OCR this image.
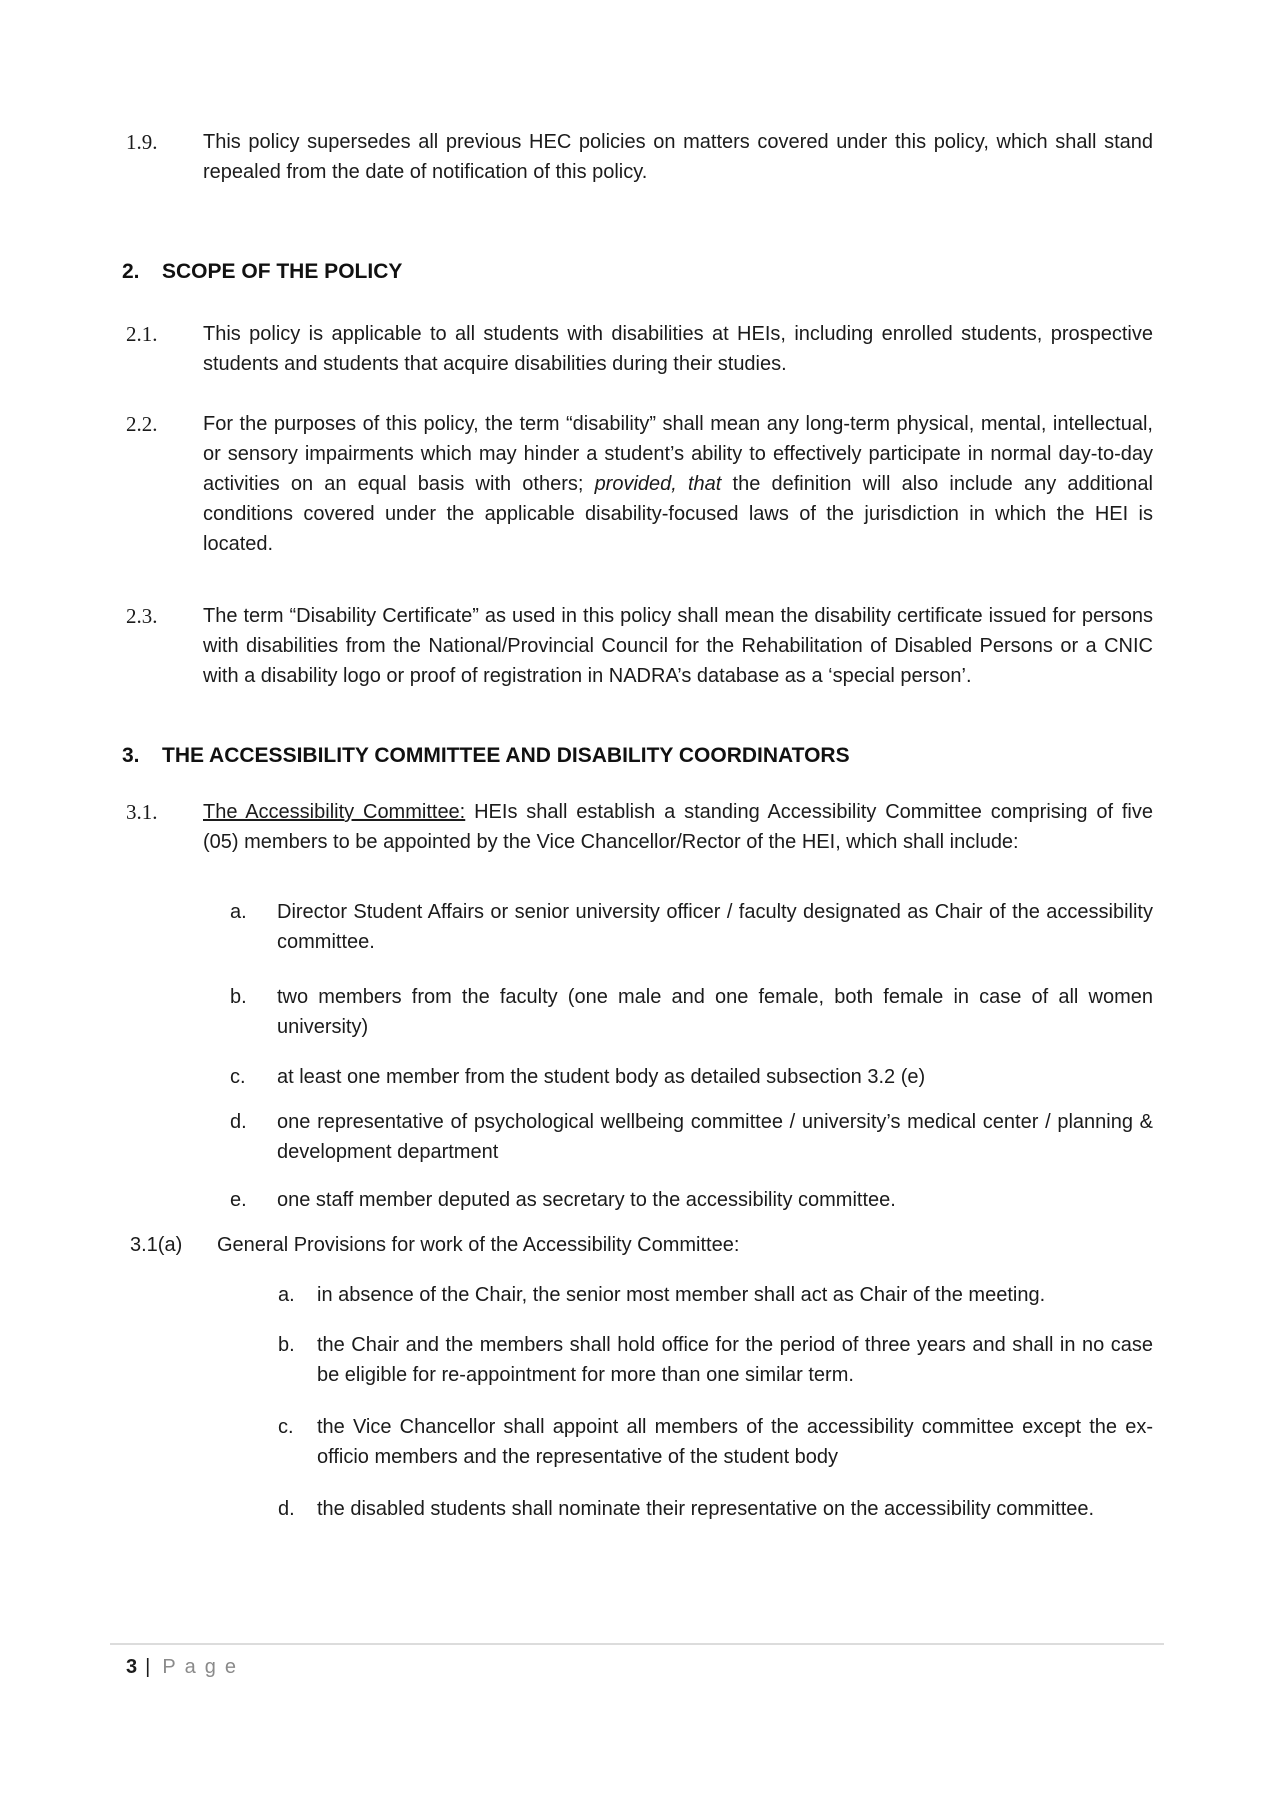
1.9. This policy supersedes all previous HEC policies on matters covered under this policy, which shall stand repealed from the date of notification of this policy.
2. SCOPE OF THE POLICY
2.1. This policy is applicable to all students with disabilities at HEIs, including enrolled students, prospective students and students that acquire disabilities during their studies.
2.2. For the purposes of this policy, the term “disability” shall mean any long-term physical, mental, intellectual, or sensory impairments which may hinder a student’s ability to effectively participate in normal day-to-day activities on an equal basis with others; provided, that the definition will also include any additional conditions covered under the applicable disability-focused laws of the jurisdiction in which the HEI is located.
2.3. The term “Disability Certificate” as used in this policy shall mean the disability certificate issued for persons with disabilities from the National/Provincial Council for the Rehabilitation of Disabled Persons or a CNIC with a disability logo or proof of registration in NADRA’s database as a ‘special person’.
3. THE ACCESSIBILITY COMMITTEE AND DISABILITY COORDINATORS
3.1. The Accessibility Committee: HEIs shall establish a standing Accessibility Committee comprising of five (05) members to be appointed by the Vice Chancellor/Rector of the HEI, which shall include:
a. Director Student Affairs or senior university officer / faculty designated as Chair of the accessibility committee.
b. two members from the faculty (one male and one female, both female in case of all women university)
c. at least one member from the student body as detailed subsection 3.2 (e)
d. one representative of psychological wellbeing committee / university’s medical center / planning & development department
e. one staff member deputed as secretary to the accessibility committee.
3.1(a) General Provisions for work of the Accessibility Committee:
a. in absence of the Chair, the senior most member shall act as Chair of the meeting.
b. the Chair and the members shall hold office for the period of three years and shall in no case be eligible for re-appointment for more than one similar term.
c. the Vice Chancellor shall appoint all members of the accessibility committee except the ex-officio members and the representative of the student body
d. the disabled students shall nominate their representative on the accessibility committee.
3 | Page
